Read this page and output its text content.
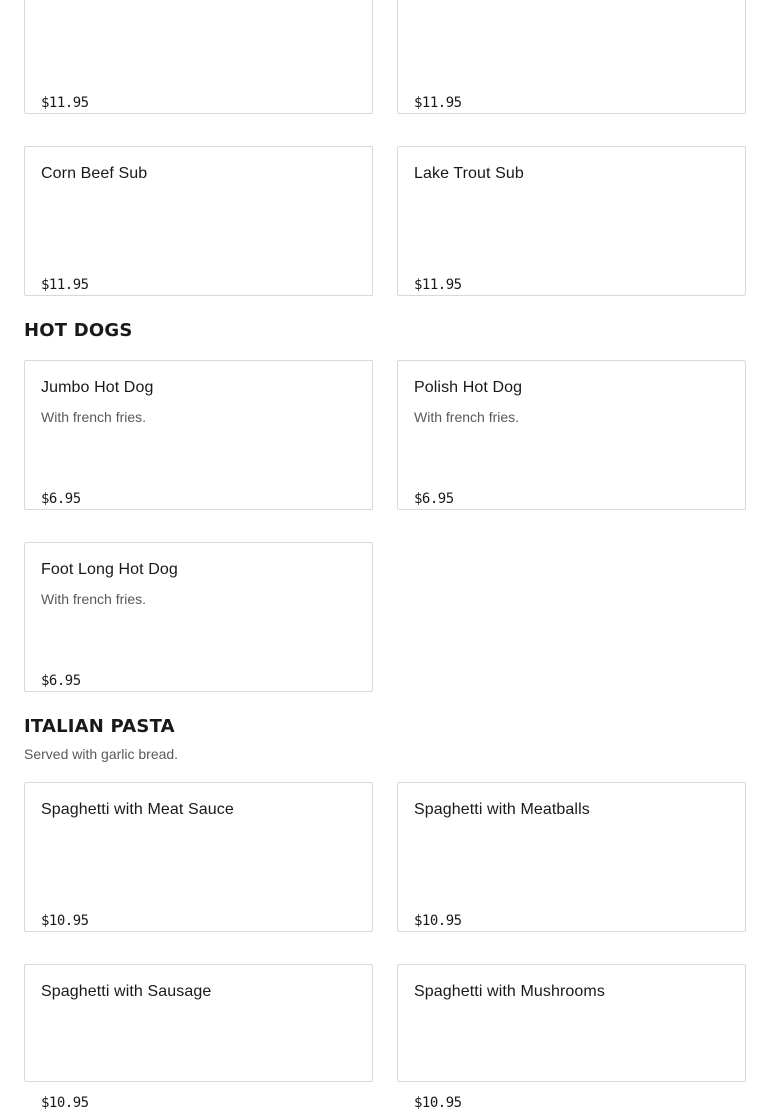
$11.95	$11.95
Corn Beef Sub
$11.95
Lake Trout Sub
$11.95
HOT DOGS
Jumbo Hot Dog
With french fries.
$6.95
Polish Hot Dog
With french fries.
$6.95
Foot Long Hot Dog
With french fries.
$6.95
ITALIAN PASTA
Served with garlic bread.
Spaghetti with Meat Sauce
$10.95
Spaghetti with Meatballs
$10.95
Spaghetti with Sausage
$10.95
Spaghetti with Mushrooms
$10.95
